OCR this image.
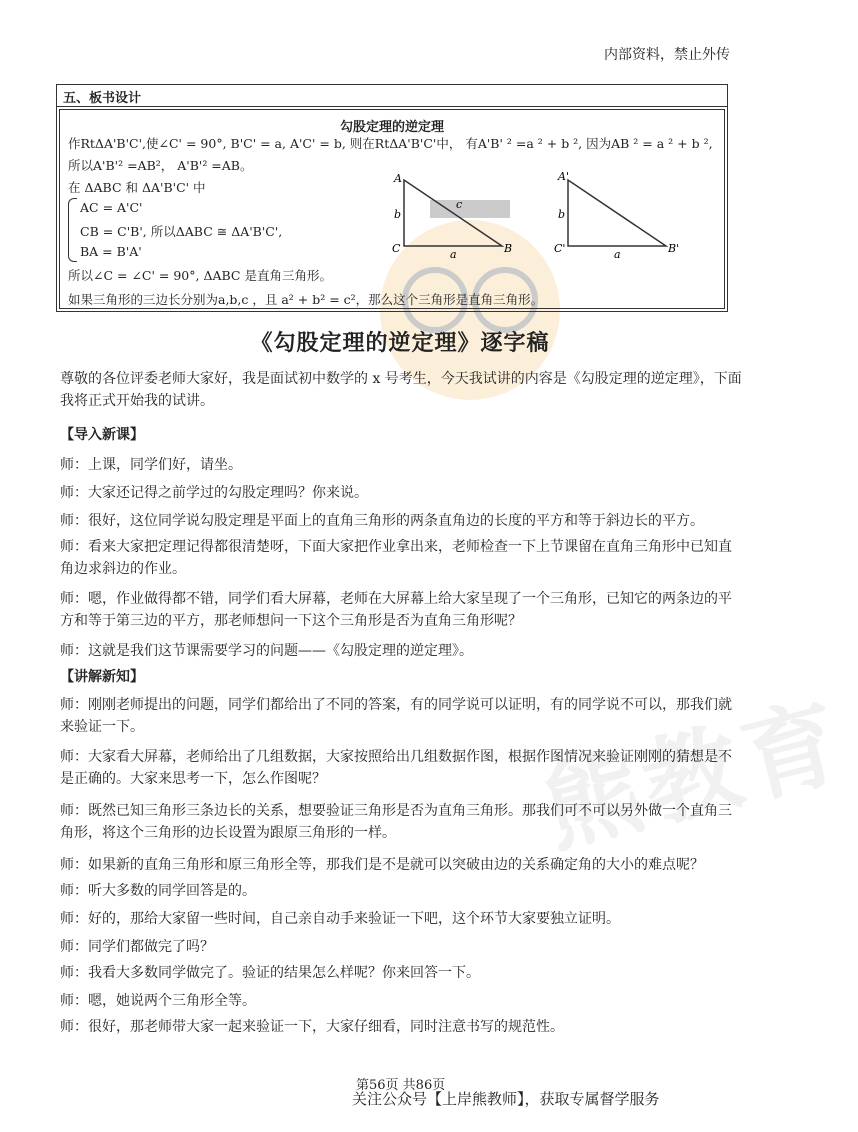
内部资料，禁止外传
熊教育
五、板书设计
勾股定理的逆定理
作RtΔA'B'C',使∠C' = 90°, B'C' = a, A'C' = b, 则在RtΔA'B'C'中， 有A'B' ² =a ² + b ², 因为AB ² = a ² + b ²,
所以A'B'² =AB²， A'B'² =AB。
在 ΔABC 和 ΔA'B'C' 中
AC = A'C'
CB = C'B', 所以ΔABC ≅ ΔA'B'C',
BA = B'A'
所以∠C = ∠C' = 90°, ΔABC 是直角三角形。
如果三角形的三边长分别为a,b,c ，且 a² + b² = c²，那么这个三角形是直角三角形。
A
C	B
b
a
c
A'
C'	B'
b
a
《勾股定理的逆定理》逐字稿
尊敬的各位评委老师大家好，我是面试初中数学的 x 号考生，今天我试讲的内容是《勾股定理的逆定理》，下面我将正式开始我的试讲。
【导入新课】
师：上课，同学们好，请坐。
师：大家还记得之前学过的勾股定理吗？你来说。
师：很好，这位同学说勾股定理是平面上的直角三角形的两条直角边的长度的平方和等于斜边长的平方。
师：看来大家把定理记得都很清楚呀，下面大家把作业拿出来，老师检查一下上节课留在直角三角形中已知直角边求斜边的作业。
师：嗯，作业做得都不错，同学们看大屏幕，老师在大屏幕上给大家呈现了一个三角形，已知它的两条边的平方和等于第三边的平方，那老师想问一下这个三角形是否为直角三角形呢？
师：这就是我们这节课需要学习的问题——《勾股定理的逆定理》。
【讲解新知】
师：刚刚老师提出的问题，同学们都给出了不同的答案，有的同学说可以证明，有的同学说不可以，那我们就来验证一下。
师：大家看大屏幕，老师给出了几组数据，大家按照给出几组数据作图，根据作图情况来验证刚刚的猜想是不是正确的。大家来思考一下，怎么作图呢？
师：既然已知三角形三条边长的关系，想要验证三角形是否为直角三角形。那我们可不可以另外做一个直角三角形，将这个三角形的边长设置为跟原三角形的一样。
师：如果新的直角三角形和原三角形全等，那我们是不是就可以突破由边的关系确定角的大小的难点呢？
师：听大多数的同学回答是的。
师：好的，那给大家留一些时间，自己亲自动手来验证一下吧，这个环节大家要独立证明。
师：同学们都做完了吗？
师：我看大多数同学做完了。验证的结果怎么样呢？你来回答一下。
师：嗯，她说两个三角形全等。
师：很好，那老师带大家一起来验证一下，大家仔细看，同时注意书写的规范性。
第56页 共86页
关注公众号【上岸熊教师】，获取专属督学服务
